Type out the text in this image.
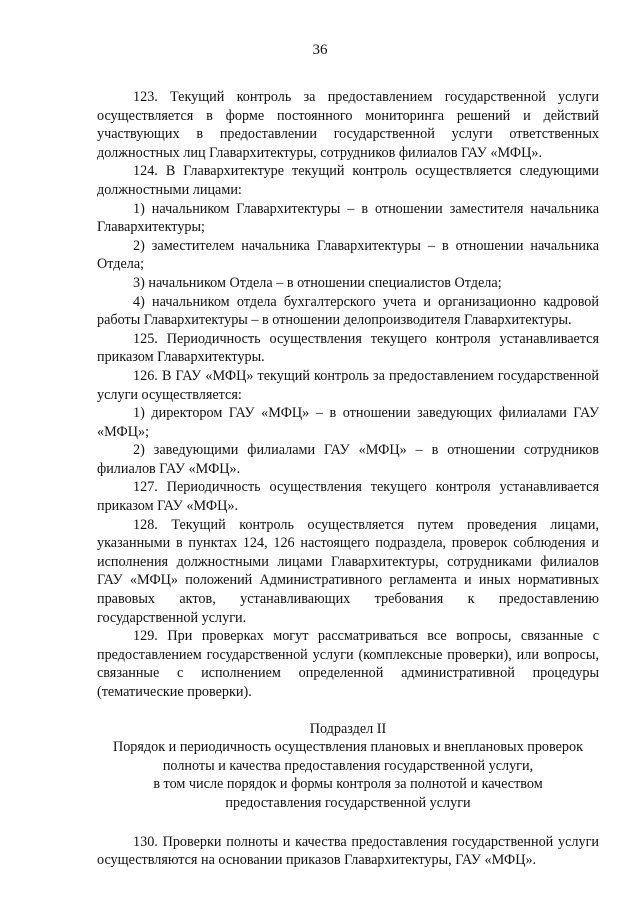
36

123. Текущий контроль за предоставлением государственной услуги осуществляется в форме постоянного мониторинга решений и действий участвующих в предоставлении государственной услуги ответственных должностных лиц Главархитектуры, сотрудников филиалов ГАУ «МФЦ».

124. В Главархитектуре текущий контроль осуществляется следующими должностными лицами:

1) начальником Главархитектуры – в отношении заместителя начальника Главархитектуры;

2) заместителем начальника Главархитектуры – в отношении начальника Отдела;

3) начальником Отдела – в отношении специалистов Отдела;

4) начальником отдела бухгалтерского учета и организационно кадровой работы Главархитектуры – в отношении делопроизводителя Главархитектуры.

125. Периодичность осуществления текущего контроля устанавливается приказом Главархитектуры.

126. В ГАУ «МФЦ» текущий контроль за предоставлением государственной услуги осуществляется:

1) директором ГАУ «МФЦ» – в отношении заведующих филиалами ГАУ «МФЦ»;

2) заведующими филиалами ГАУ «МФЦ» – в отношении сотрудников филиалов ГАУ «МФЦ».

127. Периодичность осуществления текущего контроля устанавливается приказом ГАУ «МФЦ».

128. Текущий контроль осуществляется путем проведения лицами, указанными в пунктах 124, 126 настоящего подраздела, проверок соблюдения и исполнения должностными лицами Главархитектуры, сотрудниками филиалов ГАУ «МФЦ» положений Административного регламента и иных нормативных правовых актов, устанавливающих требования к предоставлению государственной услуги.

129. При проверках могут рассматриваться все вопросы, связанные с предоставлением государственной услуги (комплексные проверки), или вопросы, связанные с исполнением определенной административной процедуры (тематические проверки).

Подраздел II

Порядок и периодичность осуществления плановых и внеплановых проверок
полноты и качества предоставления государственной услуги,
в том числе порядок и формы контроля за полнотой и качеством
предоставления государственной услуги

130. Проверки полноты и качества предоставления государственной услуги осуществляются на основании приказов Главархитектуры, ГАУ «МФЦ».
